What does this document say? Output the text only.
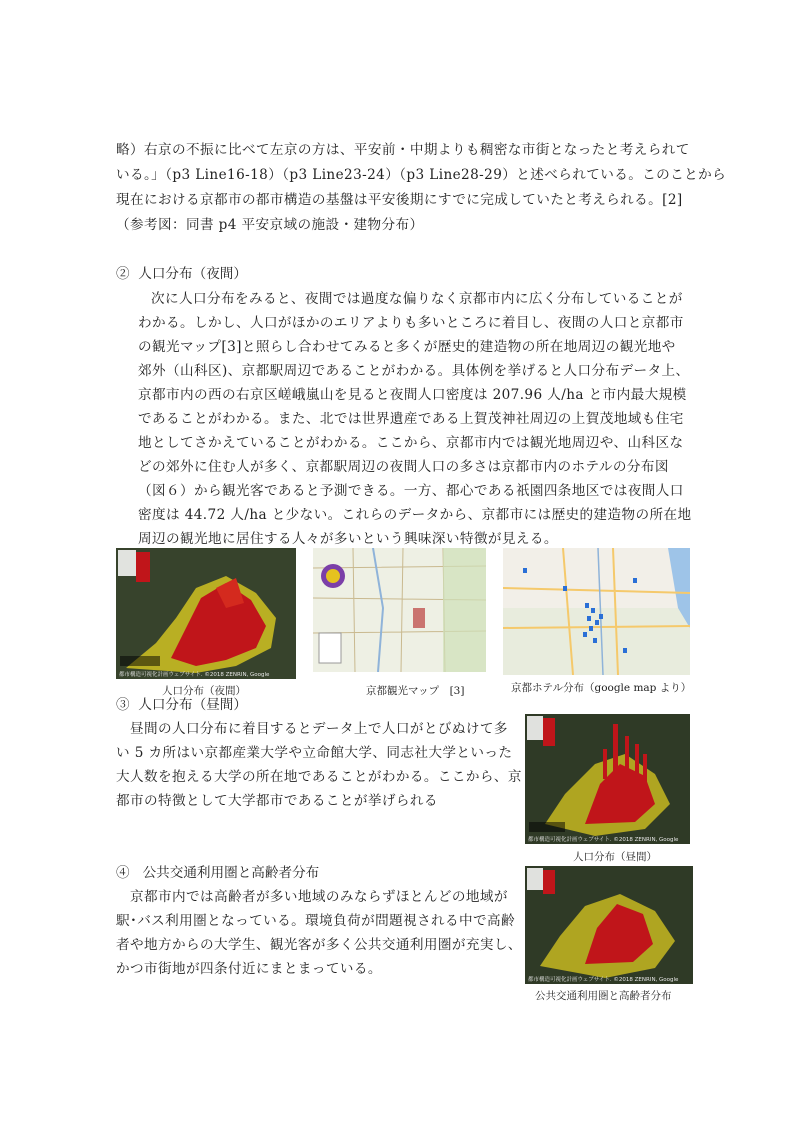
略）右京の不振に比べて左京の方は、平安前・中期よりも稠密な市街となったと考えられて
いる。」（p3 Line16-18）（p3 Line23-24）（p3 Line28-29）と述べられている。このことから
現在における京都市の都市構造の基盤は平安後期にすでに完成していたと考えられる。[2]
（参考図：同書 p4 平安京域の施設・建物分布）
② 人口分布（夜間）
次に人口分布をみると、夜間では過度な偏りなく京都市内に広く分布していることが
わかる。しかし、人口がほかのエリアよりも多いところに着目し、夜間の人口と京都市
の観光マップ[3]と照らし合わせてみると多くが歴史的建造物の所在地周辺の観光地や
郊外（山科区)、京都駅周辺であることがわかる。具体例を挙げると人口分布データ上、
京都市内の西の右京区嵯峨嵐山を見ると夜間人口密度は 207.96 人/ha と市内最大規模
であることがわかる。また、北では世界遺産である上賀茂神社周辺の上賀茂地域も住宅
地としてさかえていることがわかる。ここから、京都市内では観光地周辺や、山科区な
どの郊外に住む人が多く、京都駅周辺の夜間人口の多さは京都市内のホテルの分布図
（図６）から観光客であると予測できる。一方、都心である祇園四条地区では夜間人口
密度は 44.72 人/ha と少ない。これらのデータから、京都市には歴史的建造物の所在地
周辺の観光地に居住する人々が多いという興味深い特徴が見える。
都市構造可視化計画ウェブサイト. ©2018 ZENRIN, Google
人口分布（夜間）	京都観光マップ　[3]	京都ホテル分布（google map より）
③ 人口分布（昼間）
昼間の人口分布に着目するとデータ上で人口がとびぬけて多
い 5 カ所はい京都産業大学や立命館大学、同志社大学といった
大人数を抱える大学の所在地であることがわかる。ここから、京
都市の特徴として大学都市であることが挙げられる
都市構造可視化計画ウェブサイト. ©2018 ZENRIN, Google
人口分布（昼間）
④ 公共交通利用圏と高齢者分布
京都市内では高齢者が多い地域のみならずほとんどの地域が
駅･バス利用圏となっている。環境負荷が問題視される中で高齢
者や地方からの大学生、観光客が多く公共交通利用圏が充実し、
かつ市街地が四条付近にまとまっている。
都市構造可視化計画ウェブサイト. ©2018 ZENRIN, Google
公共交通利用圏と高齢者分布
